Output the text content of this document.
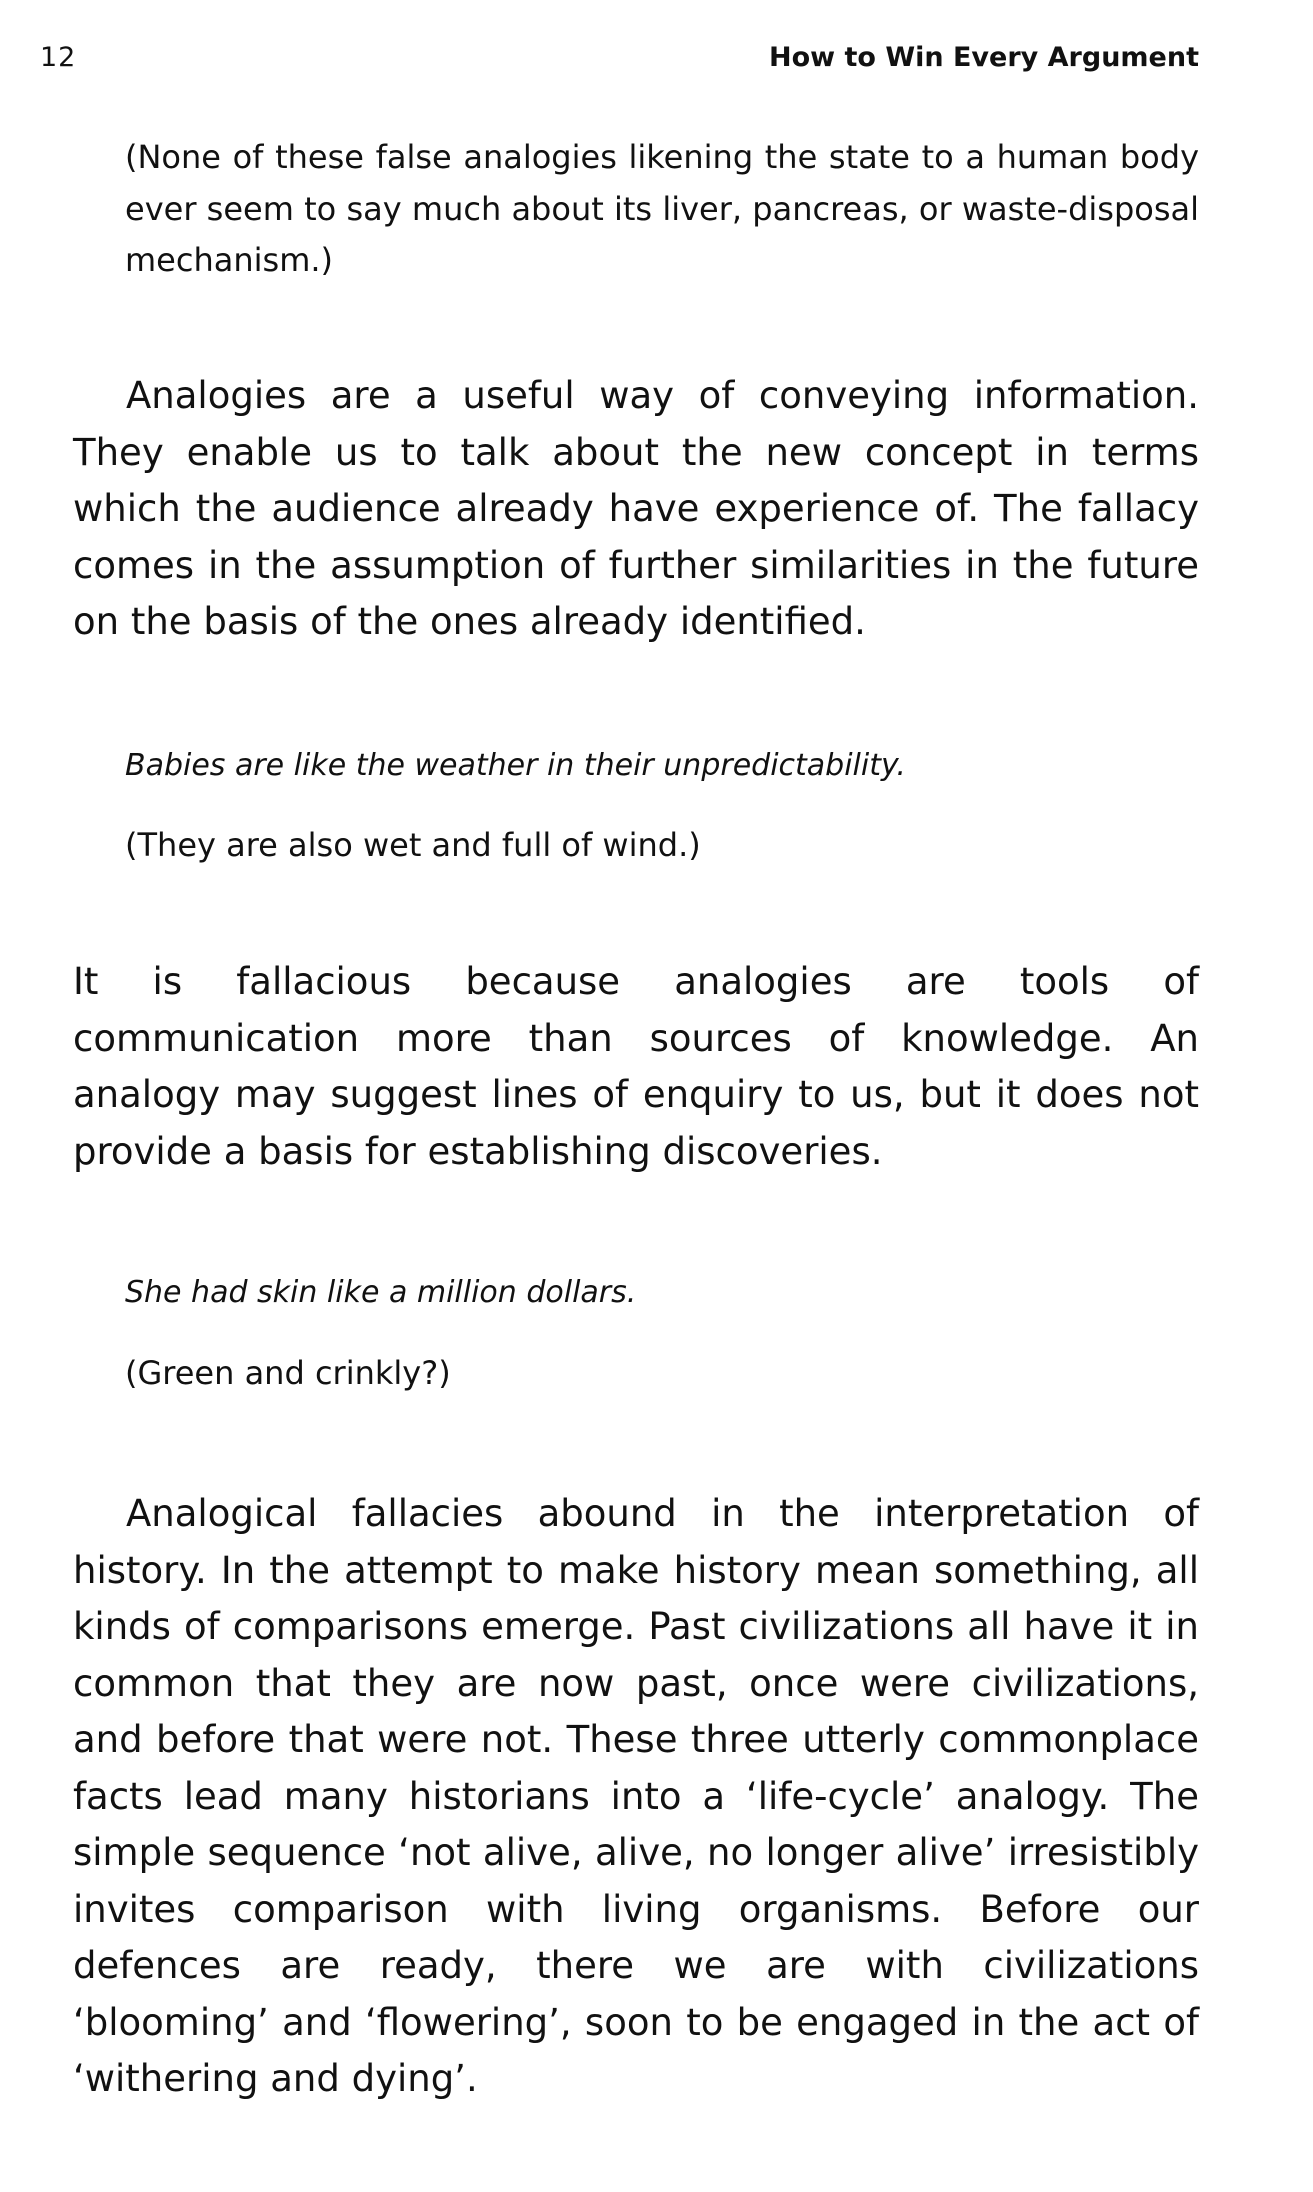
12	How to Win Every Argument

(None of these false analogies likening the state to a human body ever seem to say much about its liver, pancreas, or waste-disposal mechanism.)

Analogies are a useful way of conveying information. They enable us to talk about the new concept in terms which the audience already have experience of. The fallacy comes in the assumption of further similarities in the future on the basis of the ones already identified.

Babies are like the weather in their unpredictability.
(They are also wet and full of wind.)

It is fallacious because analogies are tools of communication more than sources of knowledge. An analogy may suggest lines of enquiry to us, but it does not provide a basis for establishing discoveries.

She had skin like a million dollars.
(Green and crinkly?)

Analogical fallacies abound in the interpretation of history. In the attempt to make history mean something, all kinds of comparisons emerge. Past civilizations all have it in common that they are now past, once were civilizations, and before that were not. These three utterly commonplace facts lead many historians into a ‘life-cycle’ analogy. The simple sequence ‘not alive, alive, no longer alive’ irresistibly invites comparison with living organisms. Before our defences are ready, there we are with civilizations ‘blooming’ and ‘flowering’, soon to be engaged in the act of ‘withering and dying’.
